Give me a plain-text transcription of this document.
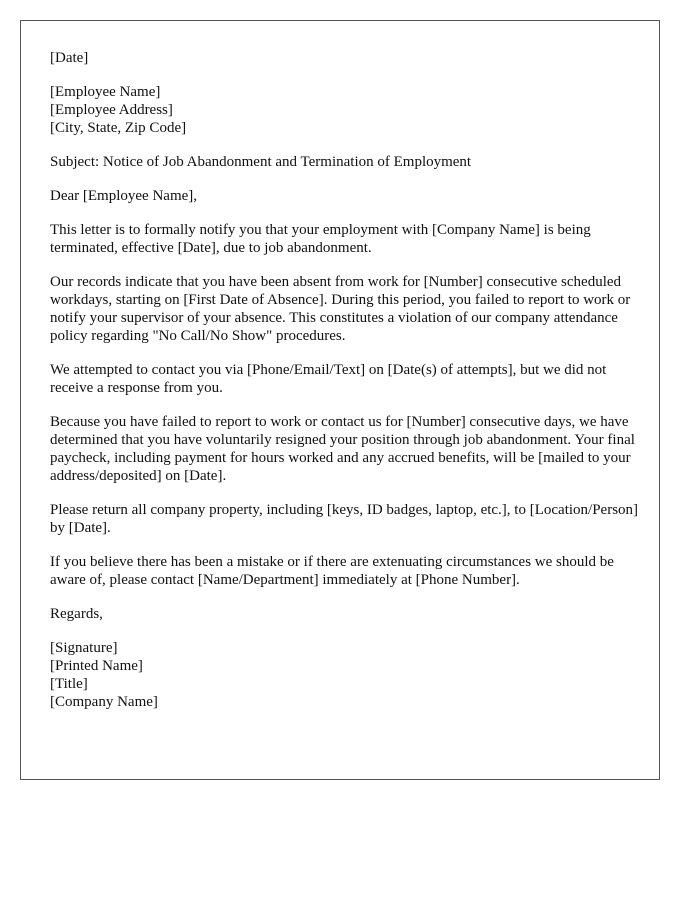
[Date]

[Employee Name]
[Employee Address]
[City, State, Zip Code]

Subject: Notice of Job Abandonment and Termination of Employment

Dear [Employee Name],

This letter is to formally notify you that your employment with [Company Name] is being terminated, effective [Date], due to job abandonment.

Our records indicate that you have been absent from work for [Number] consecutive scheduled workdays, starting on [First Date of Absence]. During this period, you failed to report to work or notify your supervisor of your absence. This constitutes a violation of our company attendance policy regarding "No Call/No Show" procedures.

We attempted to contact you via [Phone/Email/Text] on [Date(s) of attempts], but we did not receive a response from you.

Because you have failed to report to work or contact us for [Number] consecutive days, we have determined that you have voluntarily resigned your position through job abandonment. Your final paycheck, including payment for hours worked and any accrued benefits, will be [mailed to your address/deposited] on [Date].

Please return all company property, including [keys, ID badges, laptop, etc.], to [Location/Person] by [Date].

If you believe there has been a mistake or if there are extenuating circumstances we should be aware of, please contact [Name/Department] immediately at [Phone Number].

Regards,

[Signature]
[Printed Name]
[Title]
[Company Name]
